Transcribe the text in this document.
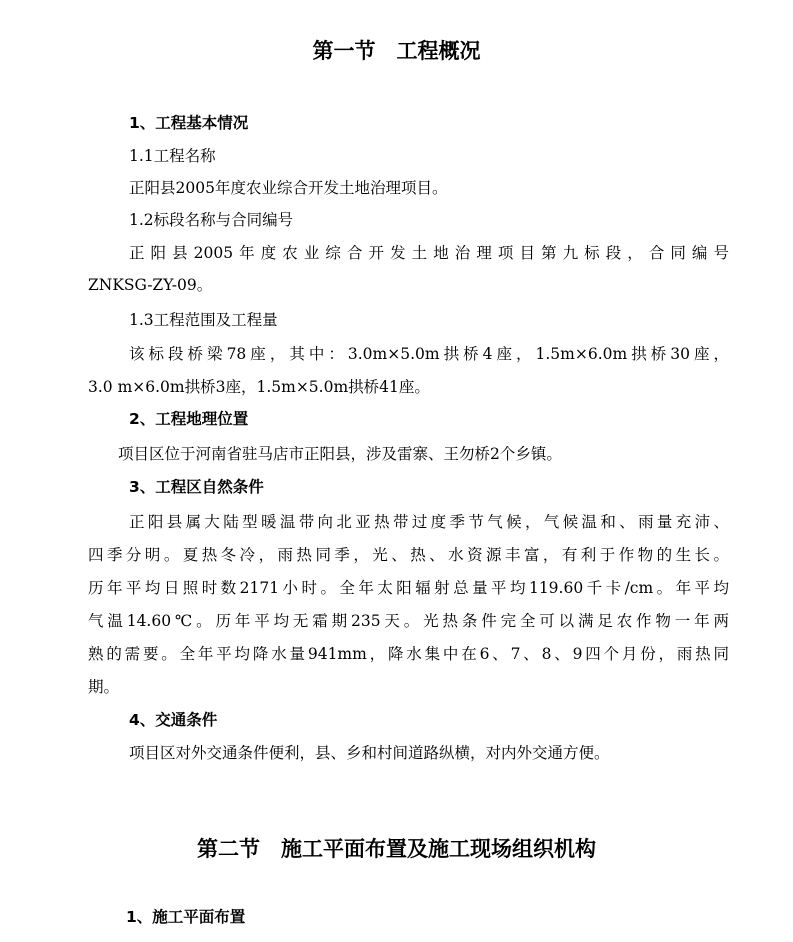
第一节　工程概况
1、工程基本情况
1.1工程名称
正阳县2005年度农业综合开发土地治理项目。
1.2标段名称与合同编号
正阳县2005年度农业综合开发土地治理项目第九标段，合同编号
ZNKSG-ZY-09。
1.3工程范围及工程量
该标段桥梁78座，其中：3.0m×5.0m拱桥4座，1.5m×6.0m拱桥30座，
3.0 m×6.0m拱桥3座，1.5m×5.0m拱桥41座。
2、工程地理位置
项目区位于河南省驻马店市正阳县，涉及雷寨、王勿桥2个乡镇。
3、工程区自然条件
正阳县属大陆型暖温带向北亚热带过度季节气候，气候温和、雨量充沛、
四季分明。夏热冬冷，雨热同季，光、热、水资源丰富，有利于作物的生长。
历年平均日照时数2171小时。全年太阳辐射总量平均119.60千卡/cm。年平均
气温14.60℃。历年平均无霜期235天。光热条件完全可以满足农作物一年两
熟的需要。全年平均降水量941mm，降水集中在6、7、8、9四个月份，雨热同
期。
4、交通条件
项目区对外交通条件便利，县、乡和村间道路纵横，对内外交通方便。
第二节　施工平面布置及施工现场组织机构
1、施工平面布置
